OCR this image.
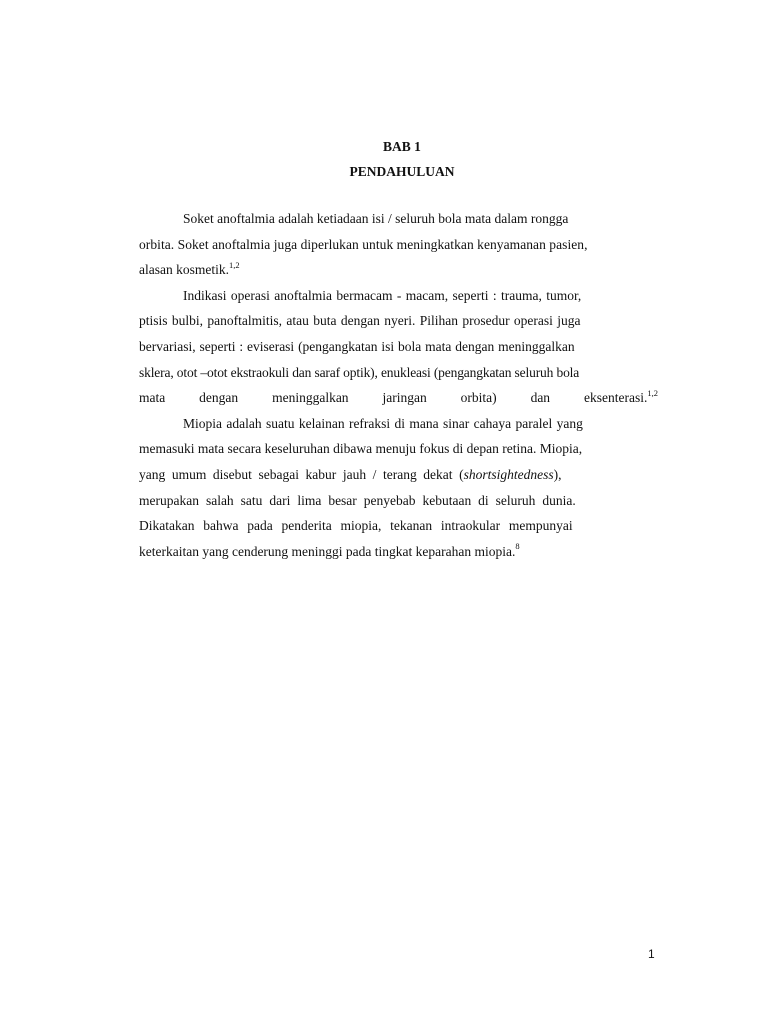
BAB 1
PENDAHULUAN
Soket anoftalmia adalah ketiadaan isi / seluruh bola mata dalam rongga
orbita. Soket anoftalmia juga diperlukan untuk meningkatkan kenyamanan pasien,
alasan kosmetik.$^{1,2}$
Indikasi operasi anoftalmia bermacam - macam, seperti : trauma, tumor,
ptisis bulbi, panoftalmitis, atau buta dengan nyeri. Pilihan prosedur operasi juga
bervariasi, seperti : eviserasi (pengangkatan isi bola mata dengan meninggalkan
sklera, otot –otot ekstraokuli dan saraf optik), enukleasi (pengangkatan seluruh bola
mata	dengan	meninggalkan	jaringan	orbita)	dan	eksenterasi.$^{1,2}$
Miopia adalah suatu kelainan refraksi di mana sinar cahaya paralel yang
memasuki mata secara keseluruhan dibawa menuju fokus di depan retina. Miopia,
yang umum disebut sebagai kabur jauh / terang dekat (shortsightedness),
merupakan salah satu dari lima besar penyebab kebutaan di seluruh dunia.
Dikatakan bahwa pada penderita miopia, tekanan intraokular mempunyai
keterkaitan yang cenderung meninggi pada tingkat keparahan miopia.$^8$
1
